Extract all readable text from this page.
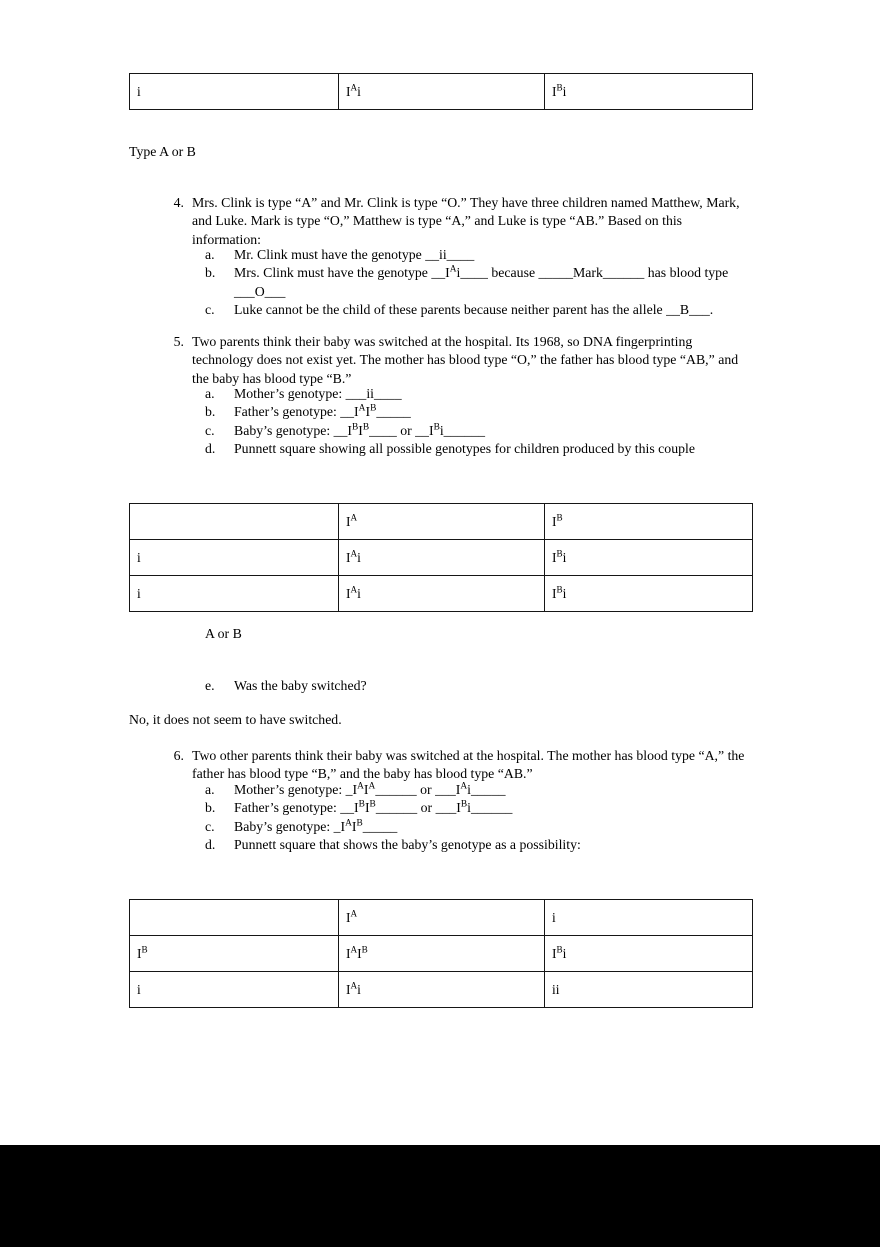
i	$I^Ai$	$I^Bi$
Type A or B
4. Mrs. Clink is type “A” and Mr. Clink is type “O.” They have three children named Matthew, Mark, and Luke. Mark is type “O,” Matthew is type “A,” and Luke is type “AB.” Based on this information:
a.	Mr. Clink must have the genotype __ii____
b. Mrs. Clink must have the genotype $\_\_I^Ai\_\_\_\_$ because _____Mark______ has blood type ___O___
c.	Luke cannot be the child of these parents because neither parent has the allele __B___.
5. Two parents think their baby was switched at the hospital. Its 1968, so DNA fingerprinting technology does not exist yet. The mother has blood type “O,” the father has blood type “AB,” and the baby has blood type “B.”
a.	Mother’s genotype: ___ii____
b. Father’s genotype: $\_\_I^AI^B\_\_\_\_\_$
c.	Baby’s genotype: $\_\_I^BI^B\_\_\_\_$ or $\_\_I^Bi\_\_\_\_\_\_$
d. Punnett square showing all possible genotypes for children produced by this couple
	$I^A$	$I^B$
i	$I^Ai$	$I^Bi$
i	$I^Ai$	$I^Bi$
A or B
e.	Was the baby switched?
No, it does not seem to have switched.
6. Two other parents think their baby was switched at the hospital. The mother has blood type “A,” the father has blood type “B,” and the baby has blood type “AB.”
a.	Mother’s genotype: $\_I^AI^A\_\_\_\_\_\_$ or $\_\_\_I^Ai\_\_\_\_\_$
b. Father’s genotype: $\_\_I^BI^B\_\_\_\_\_\_$ or $\_\_\_I^Bi\_\_\_\_\_\_$
c.	Baby’s genotype: $\_I^AI^B\_\_\_\_\_$
d. Punnett square that shows the baby’s genotype as a possibility:
	$I^A$	i
$I^B$	$I^AI^B$	$I^Bi$
i	$I^Ai$	ii
